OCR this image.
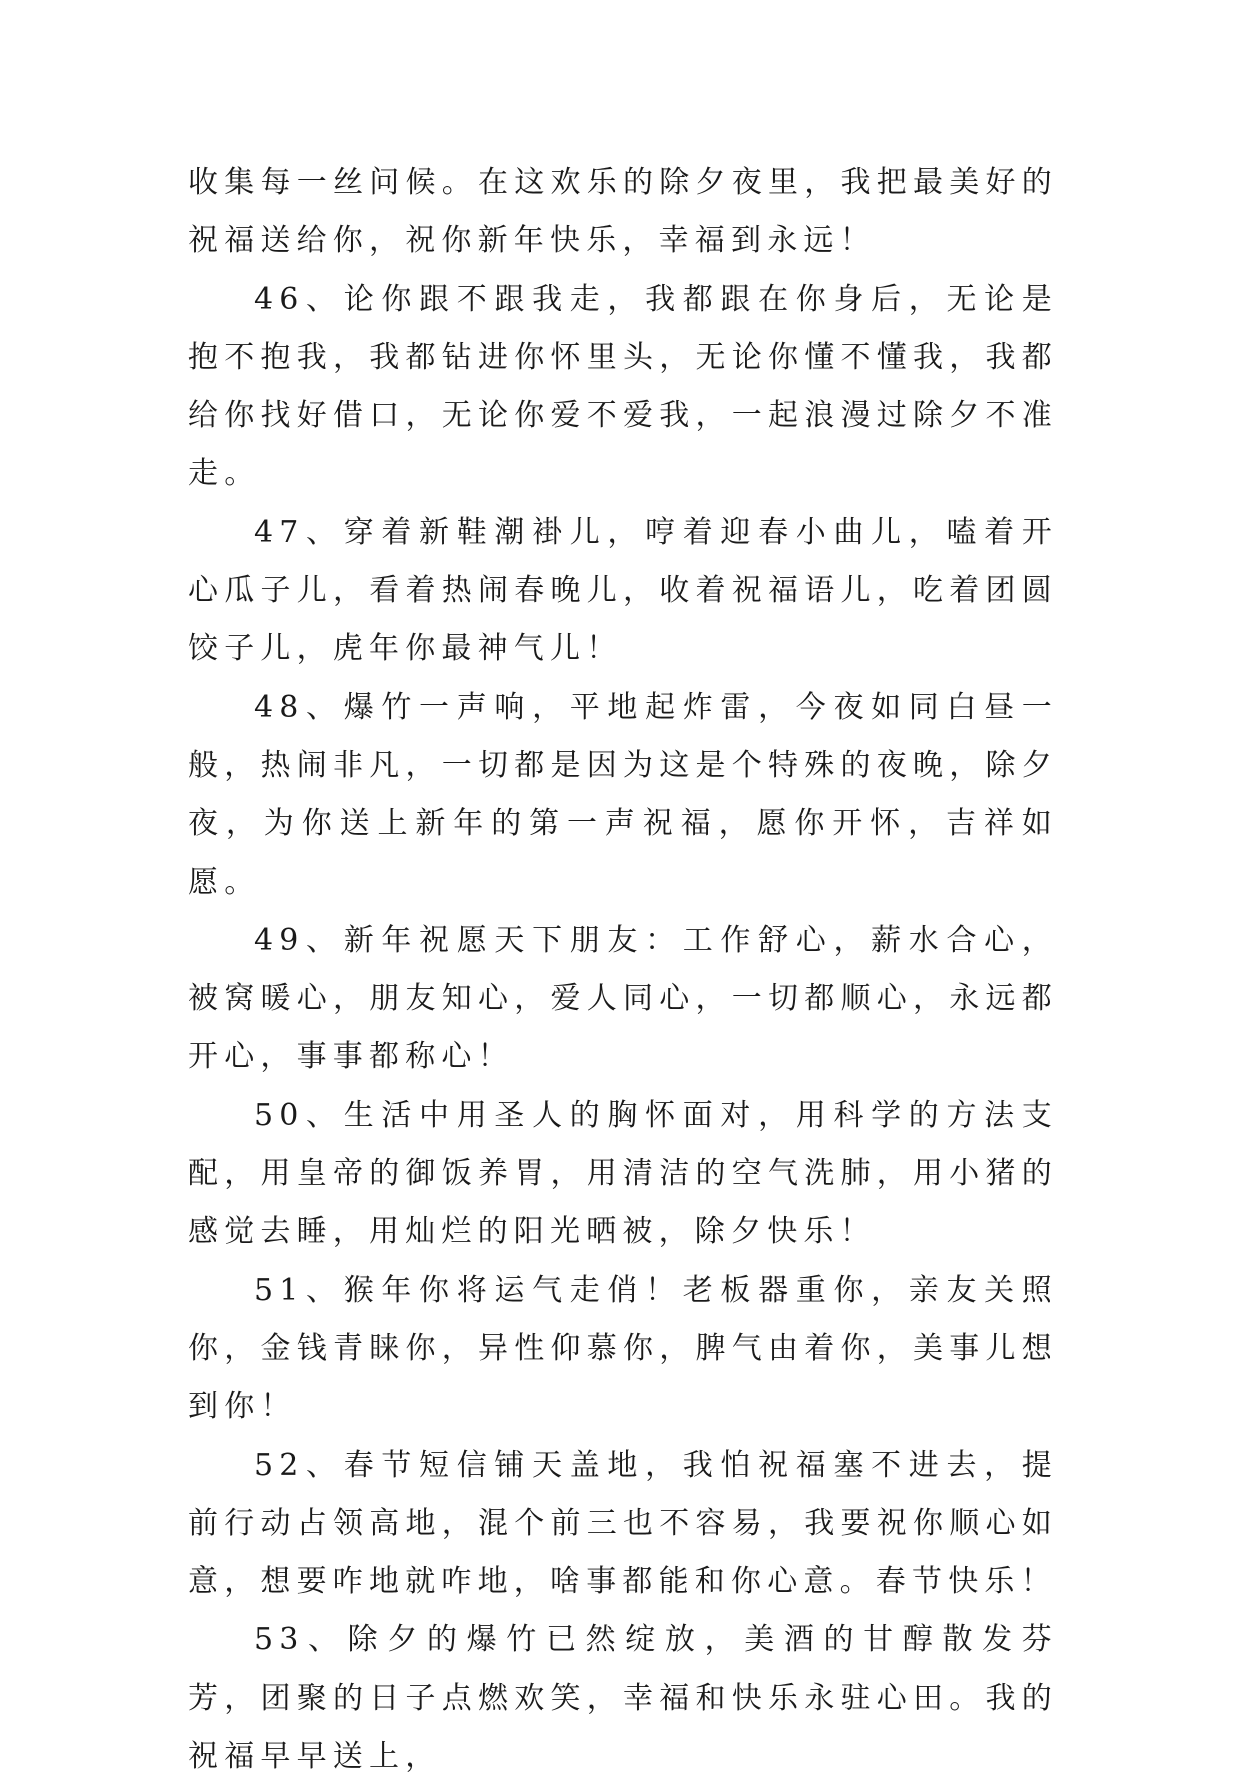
收集每一丝问候。在这欢乐的除夕夜里，我把最美好的祝福送给你，祝你新年快乐，幸福到永远！

46、论你跟不跟我走，我都跟在你身后，无论是抱不抱我，我都钻进你怀里头，无论你懂不懂我，我都给你找好借口，无论你爱不爱我，一起浪漫过除夕不准走。

47、穿着新鞋潮褂儿，哼着迎春小曲儿，嗑着开心瓜子儿，看着热闹春晚儿，收着祝福语儿，吃着团圆饺子儿，虎年你最神气儿！

48、爆竹一声响，平地起炸雷，今夜如同白昼一般，热闹非凡，一切都是因为这是个特殊的夜晚，除夕夜，为你送上新年的第一声祝福，愿你开怀，吉祥如愿。

49、新年祝愿天下朋友：工作舒心，薪水合心，被窝暖心，朋友知心，爱人同心，一切都顺心，永远都开心，事事都称心！

50、生活中用圣人的胸怀面对，用科学的方法支配，用皇帝的御饭养胃，用清洁的空气洗肺，用小猪的感觉去睡，用灿烂的阳光晒被，除夕快乐！

51、猴年你将运气走俏！老板器重你，亲友关照你，金钱青睐你，异性仰慕你，脾气由着你，美事儿想到你！

52、春节短信铺天盖地，我怕祝福塞不进去，提前行动占领高地，混个前三也不容易，我要祝你顺心如意，想要咋地就咋地，啥事都能和你心意。春节快乐！

53、除夕的爆竹已然绽放，美酒的甘醇散发芬芳，团聚的日子点燃欢笑，幸福和快乐永驻心田。我的祝福早早送上，
